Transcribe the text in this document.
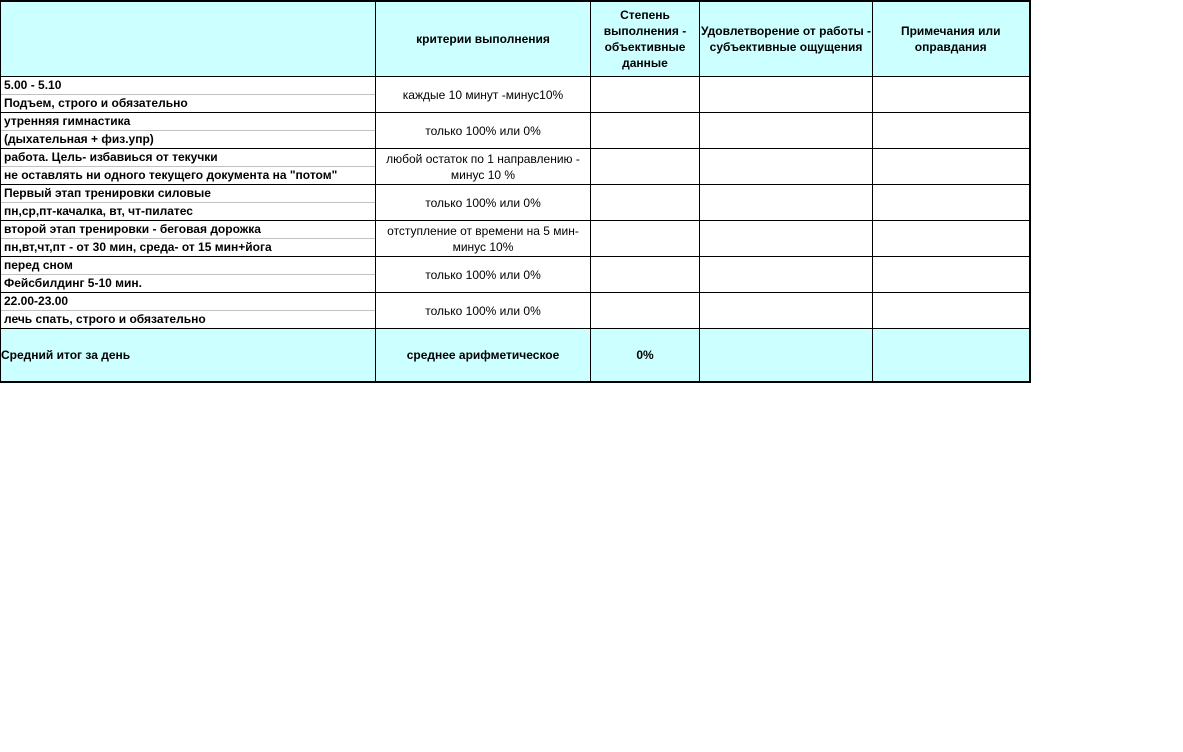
	критерии выполнения	Степень выполнения - объективные данные	Удовлетворение от работы - субъективные ощущения	Примечания или оправдания

5.00 - 5.10
Подъем, строго и обязательно	каждые 10 минут -минус10%			

утренняя гимнастика
(дыхательная + физ.упр)	только 100% или 0%			

работа. Цель- избавиься от текучки
не оставлять ни одного текущего документа на "потом"	любой остаток по 1 направлению - минус 10 %			

Первый этап тренировки силовые
пн,ср,пт-качалка, вт, чт-пилатес	только 100% или 0%			

второй этап тренировки - беговая дорожка
пн,вт,чт,пт - от 30 мин, среда- от 15 мин+йога	отступление от времени на 5 мин- минус 10%			

перед сном
Фейсбилдинг 5-10 мин.	только 100% или 0%			

22.00-23.00
лечь спать, строго и обязательно	только 100% или 0%			
Средний итог за день	среднее арифметическое	0%		
